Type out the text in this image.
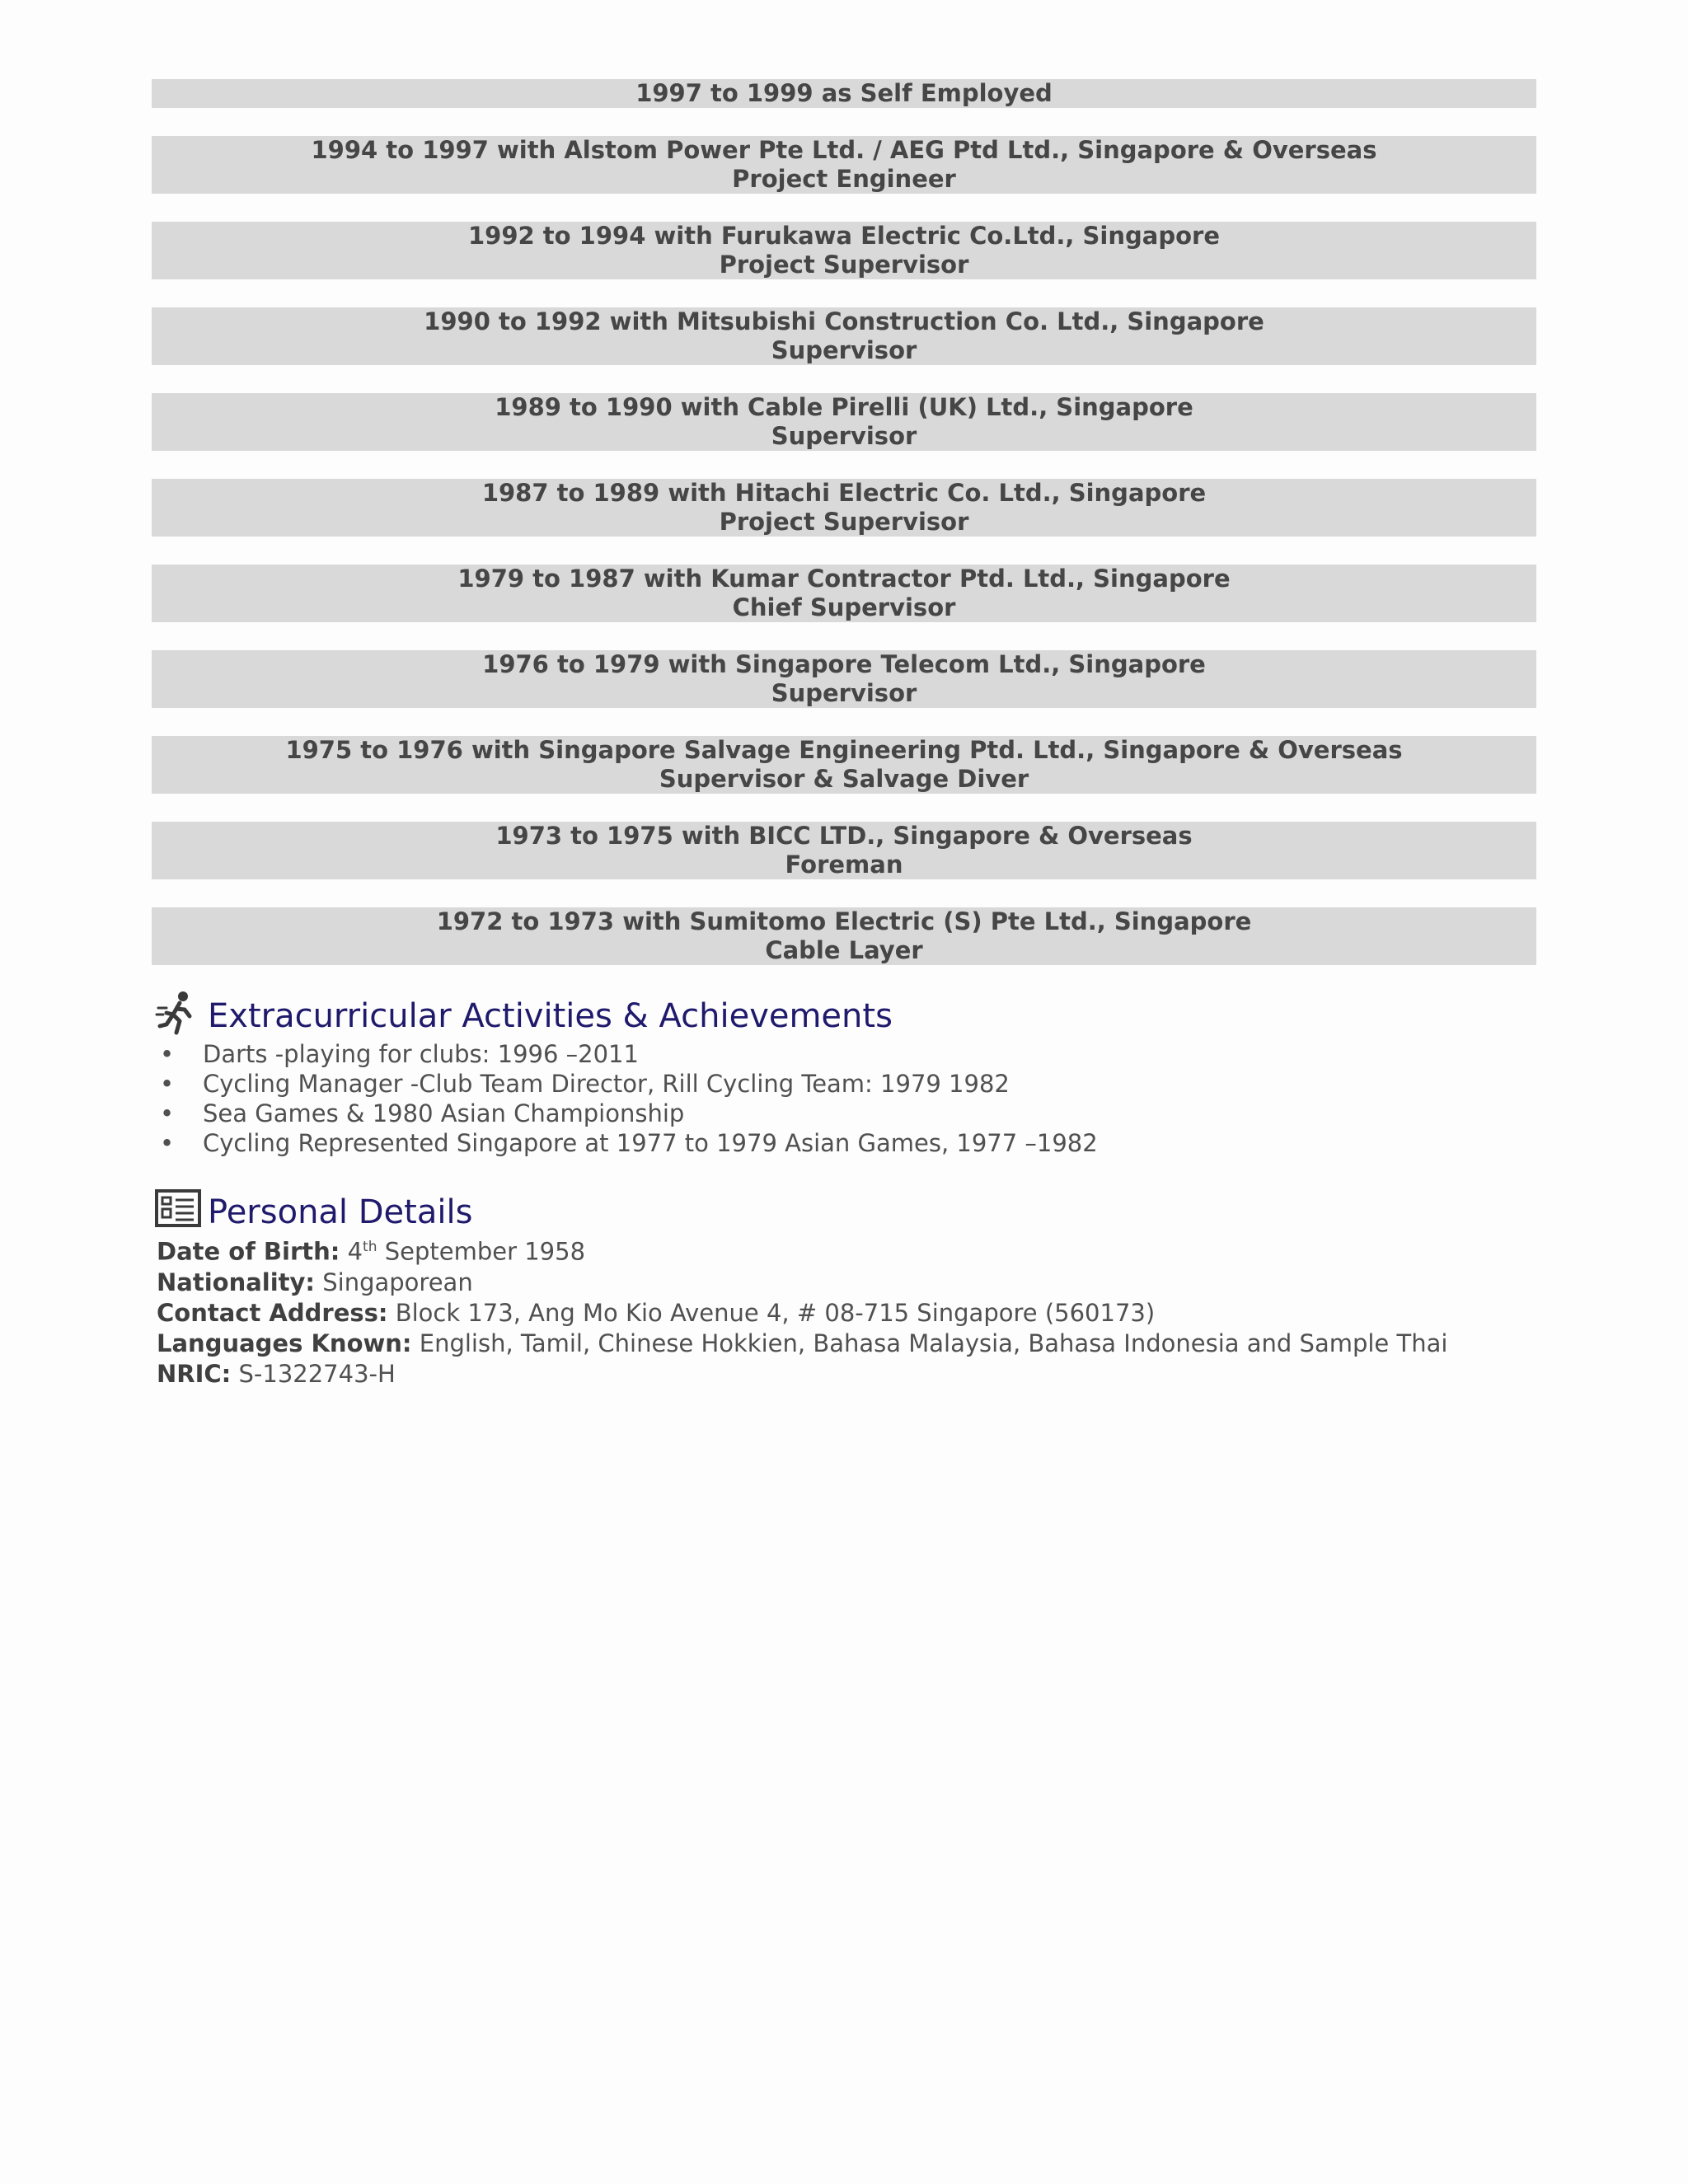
1997 to 1999 as Self Employed
1994 to 1997 with Alstom Power Pte Ltd. / AEG Ptd Ltd., Singapore & Overseas
Project Engineer
1992 to 1994 with Furukawa Electric Co.Ltd., Singapore
Project Supervisor
1990 to 1992 with Mitsubishi Construction Co. Ltd., Singapore
Supervisor
1989 to 1990 with Cable Pirelli (UK) Ltd., Singapore
Supervisor
1987 to 1989 with Hitachi Electric Co. Ltd., Singapore
Project Supervisor
1979 to 1987 with Kumar Contractor Ptd. Ltd., Singapore
Chief Supervisor
1976 to 1979 with Singapore Telecom Ltd., Singapore
Supervisor
1975 to 1976 with Singapore Salvage Engineering Ptd. Ltd., Singapore & Overseas
Supervisor & Salvage Diver
1973 to 1975 with BICC LTD., Singapore & Overseas
Foreman
1972 to 1973 with Sumitomo Electric (S) Pte Ltd., Singapore
Cable Layer
Extracurricular Activities & Achievements
• Darts -playing for clubs: 1996 –2011
• Cycling Manager -Club Team Director, Rill Cycling Team: 1979 1982
• Sea Games & 1980 Asian Championship
• Cycling Represented Singapore at 1977 to 1979 Asian Games, 1977 –1982
Personal Details
Date of Birth: 4th September 1958
Nationality: Singaporean
Contact Address: Block 173, Ang Mo Kio Avenue 4, # 08-715 Singapore (560173)
Languages Known: English, Tamil, Chinese Hokkien, Bahasa Malaysia, Bahasa Indonesia and Sample Thai
NRIC: S-1322743-H
